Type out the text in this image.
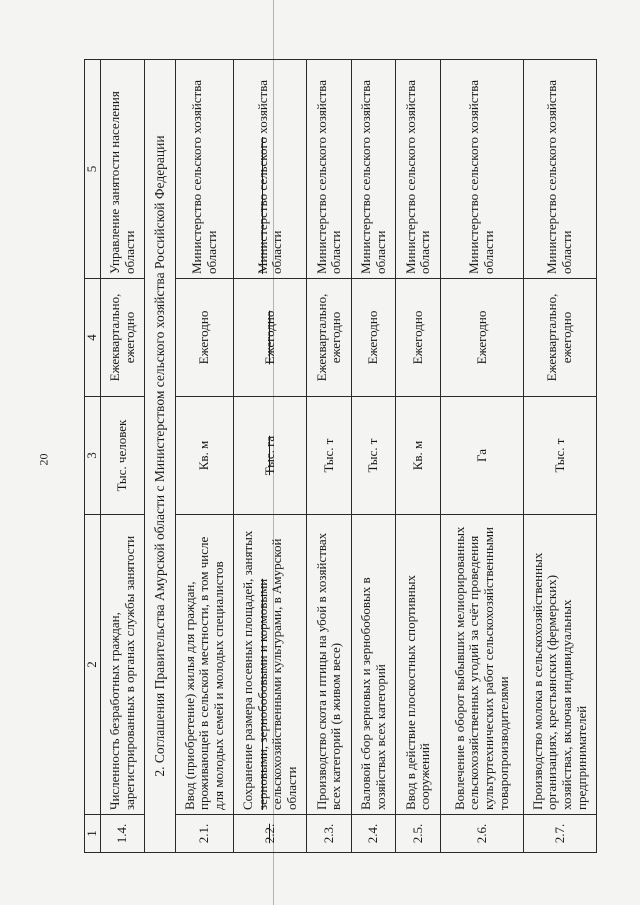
20
1	2	3	4	5
1.4.	Численность безработных граждан, зарегистрированных в органах службы занятости	Тыс. человек	Ежеквартально, ежегодно	Управление занятости населения области
2. Соглашения Правительства Амурской области с Министерством сельского хозяйства Российской Федерации				
2.1.	Ввод (приобретение) жилья для граждан, проживающей в сельской местности, в том числе для молодых семей и молодых специалистов	Кв. м	Ежегодно	Министерство сельского хозяйства области
2.2.	Сохранение размера посевных площадей, занятых зерновыми, зернобобовыми и кормовыми сельскохозяйственными культурами, в Амурской области	Тыс. га	Ежегодно	Министерство сельского хозяйства области
2.3.	Производство скота и птицы на убой в хозяйствах всех категорий (в живом весе)	Тыс. т	Ежеквартально, ежегодно	Министерство сельского хозяйства области
2.4.	Валовой сбор зерновых и зернобобовых в хозяйствах всех категорий	Тыс. т	Ежегодно	Министерство сельского хозяйства области
2.5.	Ввод в действие плоскостных спортивных сооружений	Кв. м	Ежегодно	Министерство сельского хозяйства области
2.6.	Вовлечение в оборот выбывших мелиорированных сельскохозяйственных угодий за счёт проведения культуртехнических работ сельскохозяйственными товаропроизводителями	Га	Ежегодно	Министерство сельского хозяйства области
2.7.	Производство молока в сельскохозяйственных организациях, крестьянских (фермерских) хозяйствах, включая индивидуальных предпринимателей	Тыс. т	Ежеквартально, ежегодно	Министерство сельского хозяйства области
